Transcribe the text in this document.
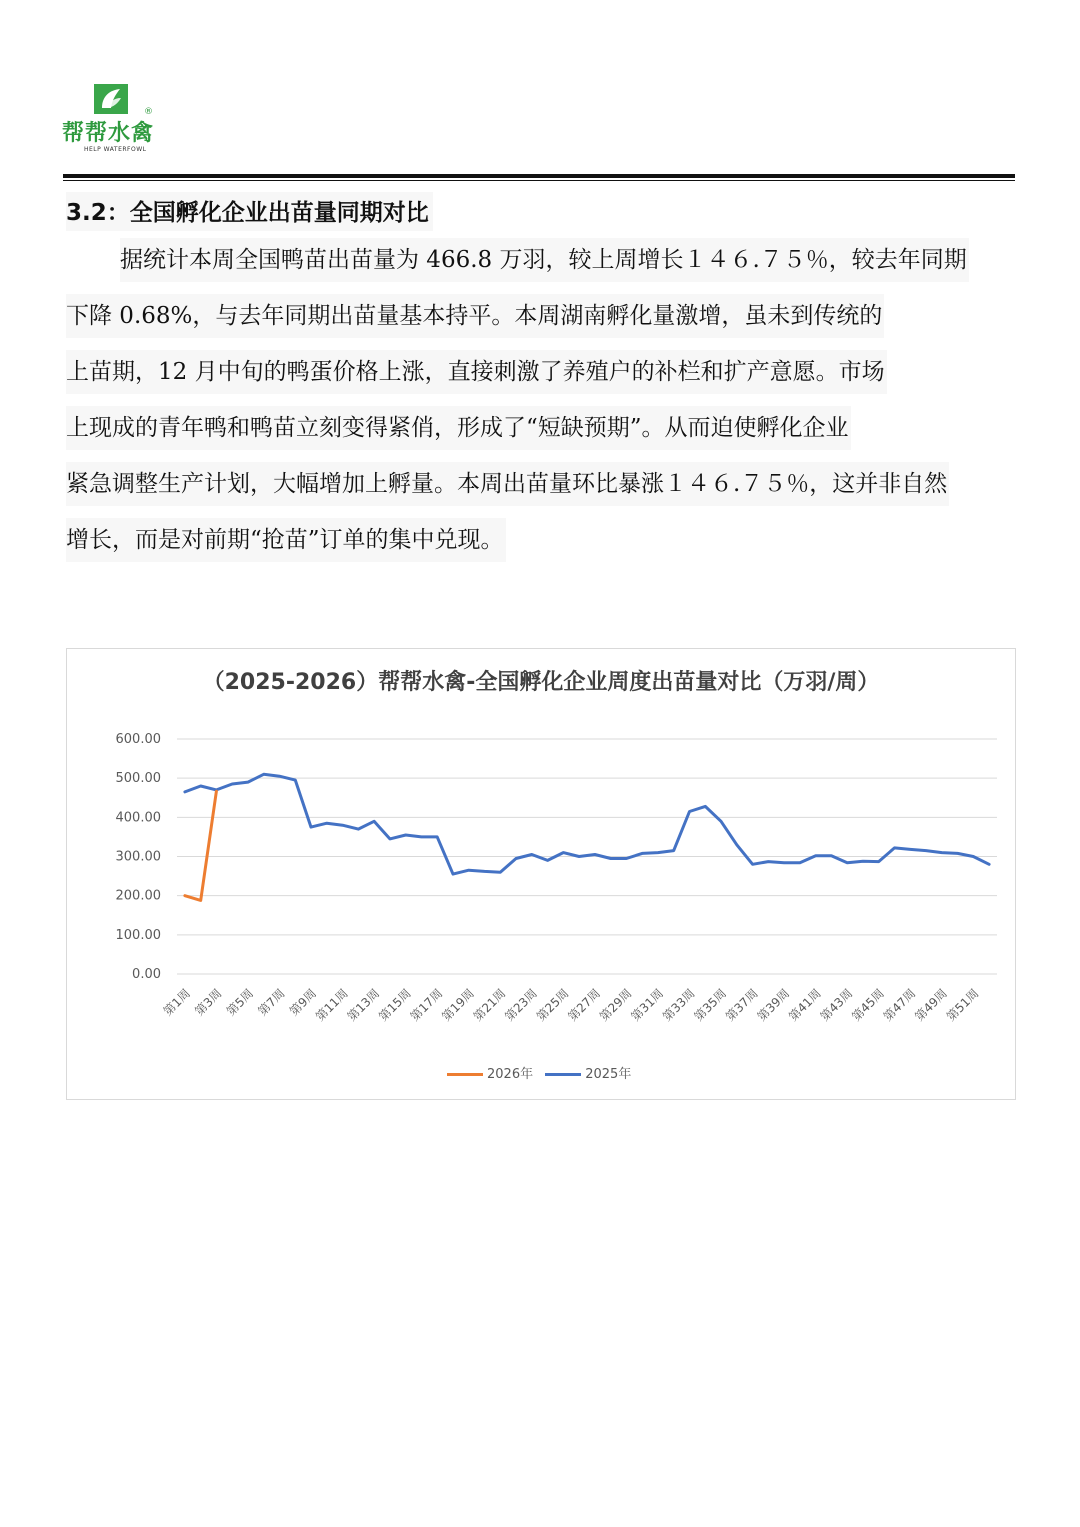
®
帮帮水禽
HELP WATERFOWL
3.2：全国孵化企业出苗量同期对比
据统计本周全国鸭苗出苗量为 466.8 万羽，较上周增长１４６.７５％，较去年同期
下降 0.68%，与去年同期出苗量基本持平。本周湖南孵化量激增，虽未到传统的
上苗期，12 月中旬的鸭蛋价格上涨，直接刺激了养殖户的补栏和扩产意愿。市场
上现成的青年鸭和鸭苗立刻变得紧俏，形成了“短缺预期”。从而迫使孵化企业
紧急调整生产计划，大幅增加上孵量。本周出苗量环比暴涨１４６.７５％，这并非自然
增长，而是对前期“抢苗”订单的集中兑现。
（2025-2026）帮帮水禽-全国孵化企业周度出苗量对比（万羽/周）
0.00
100.00
200.00
300.00
400.00
500.00
600.00
第1周 第3周 第5周 第7周 第9周
第11周
第13周
第15周
第17周
第19周
第21周
第23周
第25周
第27周
第29周
第31周
第33周
第35周
第37周
第39周
第41周
第43周
第45周
第47周
第49周
第51周
2026年	2025年
